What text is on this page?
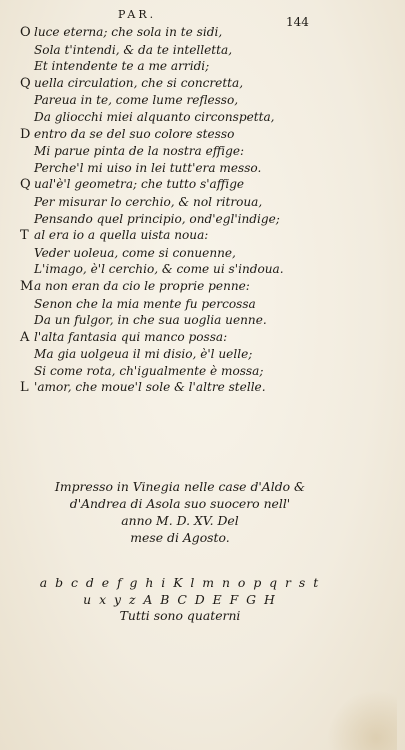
PAR.
144
O luce eterna; che sola in te sidi,
Sola t'intendi, & da te intelletta,
Et intendente te a me arridi;
Q uella circulation, che si concretta,
Pareua in te, come lume reflesso,
Da gliocchi miei alquanto circonspetta,
D entro da se del suo colore stesso
Mi parue pinta de la nostra effige:
Perche'l mi uiso in lei tutt'era messo.
Q ual'è'l geometra; che tutto s'affige
Per misurar lo cerchio, & nol ritroua,
Pensando quel principio, ond'egl'indige;
T al era io a quella uista noua:
Veder uoleua, come si conuenne,
L'imago, è'l cerchio, & come ui s'indoua.
M a non eran da cio le proprie penne:
Senon che la mia mente fu percossa
Da un fulgor, in che sua uoglia uenne.
A l'alta fantasia qui manco possa:
Ma gia uolgeua il mi disio, è'l uelle;
Si come rota, ch'igualmente è mossa;
L 'amor, che moue'l sole & l'altre stelle.
Impresso in Vinegia nelle case d'Aldo &
d'Andrea di Asola suo suocero nell'
anno M. D. XV. Del
mese di Agosto.
a b c d e f g h i K l m n o p q r s t
u x y z A B C D E F G H
Tutti sono quaterni
